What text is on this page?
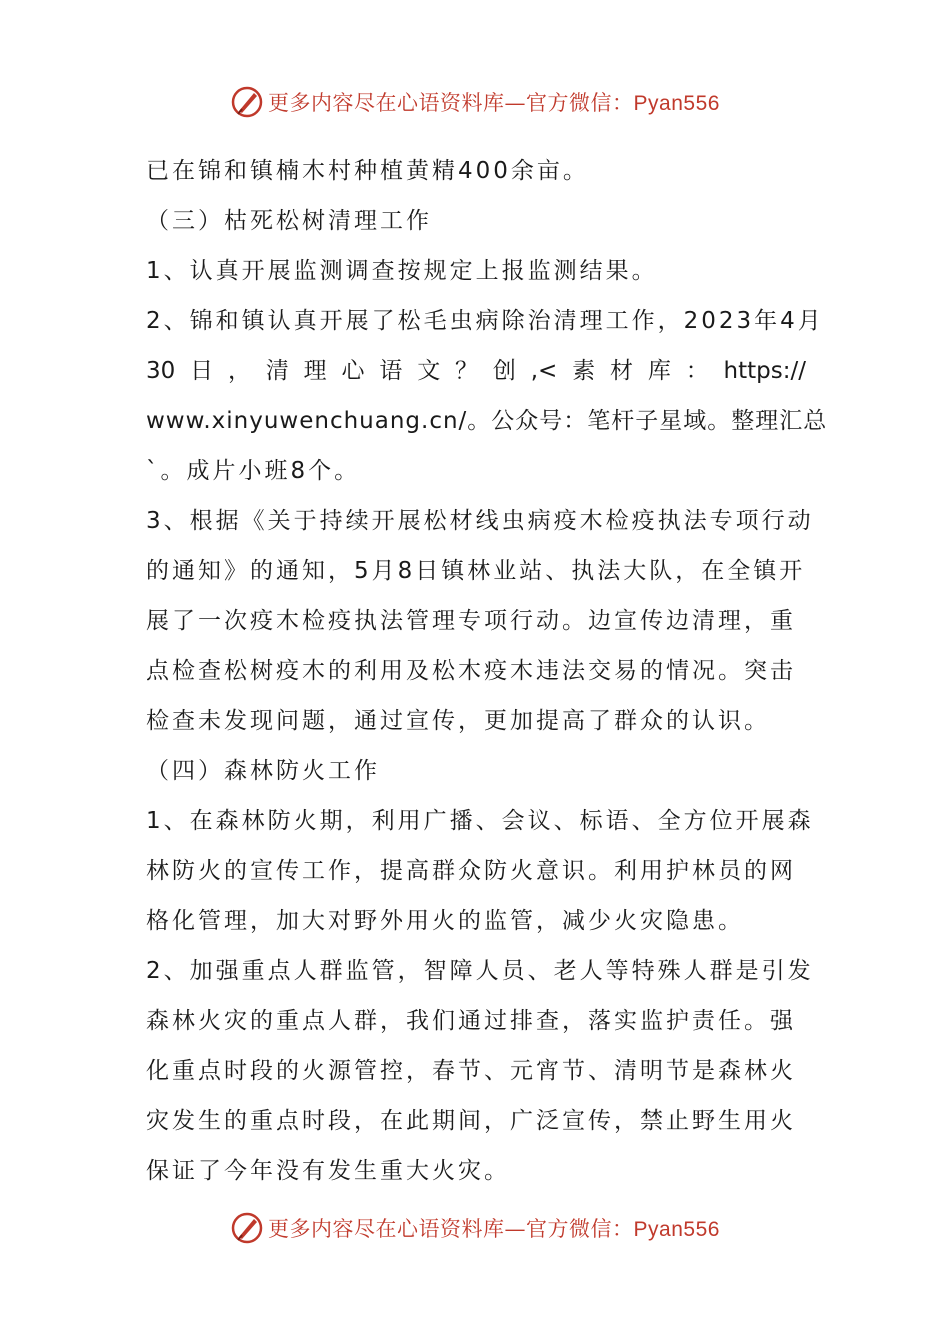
更多内容尽在心语资料库—官方微信：Pyan556
已在锦和镇楠木村种植黄精400余亩。
（三）枯死松树清理工作
1、认真开展监测调查按规定上报监测结果。
2、锦和镇认真开展了松毛虫病除治清理工作，2023年4月
30 日 ， 清 理 心 语 文 ？ 创 ,< 素 材 库 ： https://
www.xinyuwenchuang.cn/。公众号：笔杆子星域。整理汇总
`。成片小班8个。
3、根据《关于持续开展松材线虫病疫木检疫执法专项行动
的通知》的通知，5月8日镇林业站、执法大队，在全镇开
展了一次疫木检疫执法管理专项行动。边宣传边清理，重
点检查松树疫木的利用及松木疫木违法交易的情况。突击
检查未发现问题，通过宣传，更加提高了群众的认识。
（四）森林防火工作
1、在森林防火期，利用广播、会议、标语、全方位开展森
林防火的宣传工作，提高群众防火意识。利用护林员的网
格化管理，加大对野外用火的监管，减少火灾隐患。
2、加强重点人群监管，智障人员、老人等特殊人群是引发
森林火灾的重点人群，我们通过排查，落实监护责任。强
化重点时段的火源管控，春节、元宵节、清明节是森林火
灾发生的重点时段，在此期间，广泛宣传，禁止野生用火
保证了今年没有发生重大火灾。
更多内容尽在心语资料库—官方微信：Pyan556
